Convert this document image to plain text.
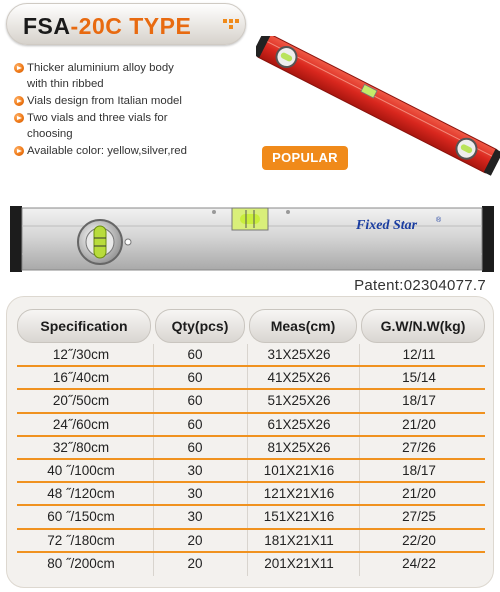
FSA-20C TYPE
Thicker aluminium alloy body
with thin ribbed
Vials design from Italian model
Two vials and three vials for
choosing
Available color: yellow,silver,red	POPULAR
Fixed Star	®
Patent:02304077.7
Specification	Qty(pcs)	Meas(cm)	G.W/N.W(kg)
12˝/30cm	60	31X25X26	12/11
16˝/40cm	60	41X25X26	15/14
20˝/50cm	60	51X25X26	18/17
24˝/60cm	60	61X25X26	21/20
32˝/80cm	60	81X25X26	27/26
40 ˝/100cm	30	101X21X16	18/17
48 ˝/120cm	30	121X21X16	21/20
60 ˝/150cm	30	151X21X16	27/25
72 ˝/180cm	20	181X21X11	22/20
80 ˝/200cm	20	201X21X11	24/22
